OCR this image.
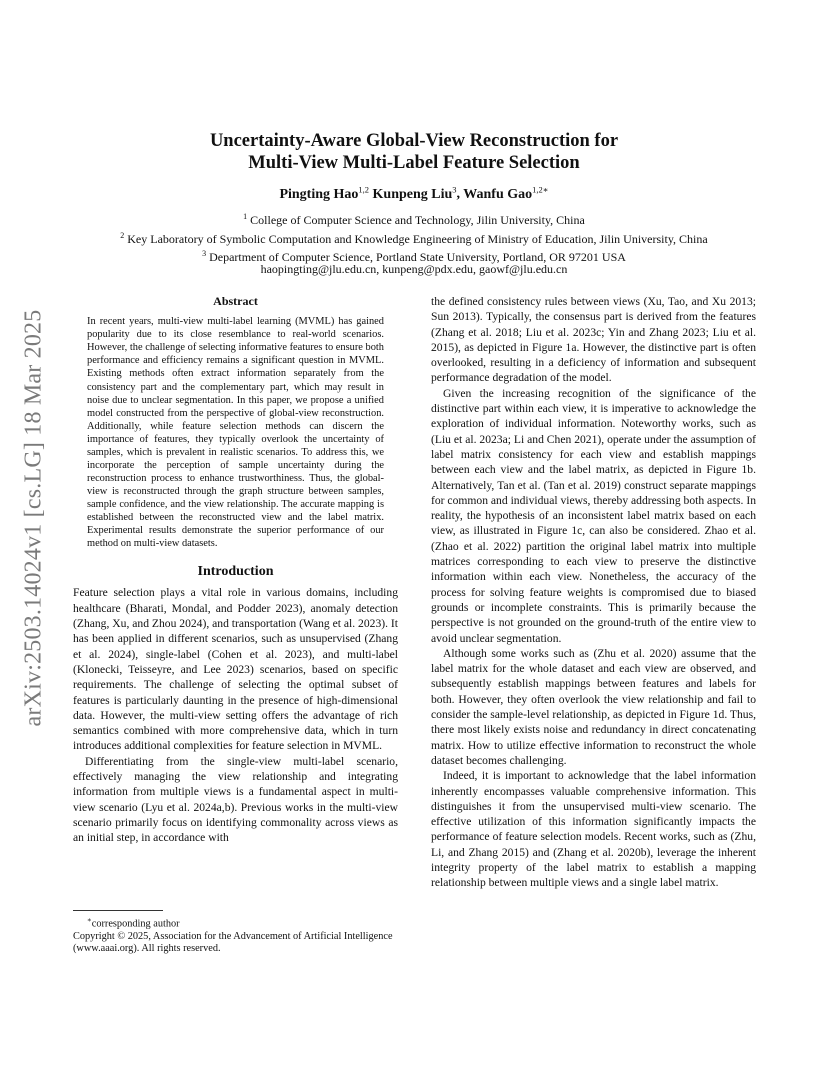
arXiv:2503.14024v1 [cs.LG] 18 Mar 2025
Uncertainty-Aware Global-View Reconstruction for
Multi-View Multi-Label Feature Selection
Pingting Hao$^{1,2}$ Kunpeng Liu$^3$, Wanfu Gao$^{1,2∗}$
$^1$ College of Computer Science and Technology, Jilin University, China
$^2$ Key Laboratory of Symbolic Computation and Knowledge Engineering of Ministry of Education, Jilin University, China
$^3$ Department of Computer Science, Portland State University, Portland, OR 97201 USA
haopingting@jlu.edu.cn, kunpeng@pdx.edu, gaowf@jlu.edu.cn
Abstract

In recent years, multi-view multi-label learning (MVML) has gained popularity due to its close resemblance to real-world scenarios. However, the challenge of selecting informative features to ensure both performance and efficiency remains a significant question in MVML. Existing methods often extract information separately from the consistency part and the complementary part, which may result in noise due to unclear segmentation. In this paper, we propose a unified model constructed from the perspective of global-view reconstruction. Additionally, while feature selection methods can discern the importance of features, they typically overlook the uncertainty of samples, which is prevalent in realistic scenarios. To address this, we incorporate the perception of sample uncertainty during the reconstruction process to enhance trustworthiness. Thus, the global-view is reconstructed through the graph structure between samples, sample confidence, and the view relationship. The accurate mapping is established between the reconstructed view and the label matrix. Experimental results demonstrate the superior performance of our method on multi-view datasets.

Introduction

Feature selection plays a vital role in various domains, including healthcare (Bharati, Mondal, and Podder 2023), anomaly detection (Zhang, Xu, and Zhou 2024), and transportation (Wang et al. 2023). It has been applied in different scenarios, such as unsupervised (Zhang et al. 2024), single-label (Cohen et al. 2023), and multi-label (Klonecki, Teisseyre, and Lee 2023) scenarios, based on specific requirements. The challenge of selecting the optimal subset of features is particularly daunting in the presence of high-dimensional data. However, the multi-view setting offers the advantage of rich semantics combined with more comprehensive data, which in turn introduces additional complexities for feature selection in MVML.

Differentiating from the single-view multi-label scenario, effectively managing the view relationship and integrating information from multiple views is a fundamental aspect in multi-view scenario (Lyu et al. 2024a,b). Previous works in the multi-view scenario primarily focus on identifying commonality across views as an initial step, in accordance with

∗corresponding author
Copyright © 2025, Association for the Advancement of Artificial Intelligence (www.aaai.org). All rights reserved.

the defined consistency rules between views (Xu, Tao, and Xu 2013; Sun 2013). Typically, the consensus part is derived from the features (Zhang et al. 2018; Liu et al. 2023c; Yin and Zhang 2023; Liu et al. 2015), as depicted in Figure 1a. However, the distinctive part is often overlooked, resulting in a deficiency of information and subsequent performance degradation of the model.

Given the increasing recognition of the significance of the distinctive part within each view, it is imperative to acknowledge the exploration of individual information. Noteworthy works, such as (Liu et al. 2023a; Li and Chen 2021), operate under the assumption of label matrix consistency for each view and establish mappings between each view and the label matrix, as depicted in Figure 1b. Alternatively, Tan et al. (Tan et al. 2019) construct separate mappings for common and individual views, thereby addressing both aspects. In reality, the hypothesis of an inconsistent label matrix based on each view, as illustrated in Figure 1c, can also be considered. Zhao et al. (Zhao et al. 2022) partition the original label matrix into multiple matrices corresponding to each view to preserve the distinctive information within each view. Nonetheless, the accuracy of the process for solving feature weights is compromised due to biased grounds or incomplete constraints. This is primarily because the perspective is not grounded on the ground-truth of the entire view to avoid unclear segmentation.

Although some works such as (Zhu et al. 2020) assume that the label matrix for the whole dataset and each view are observed, and subsequently establish mappings between features and labels for both. However, they often overlook the view relationship and fail to consider the sample-level relationship, as depicted in Figure 1d. Thus, there most likely exists noise and redundancy in direct concatenating matrix. How to utilize effective information to reconstruct the whole dataset becomes challenging.

Indeed, it is important to acknowledge that the label information inherently encompasses valuable comprehensive information. This distinguishes it from the unsupervised multi-view scenario. The effective utilization of this information significantly impacts the performance of feature selection models. Recent works, such as (Zhu, Li, and Zhang 2015) and (Zhang et al. 2020b), leverage the inherent integrity property of the label matrix to establish a mapping relationship between multiple views and a single label matrix.
